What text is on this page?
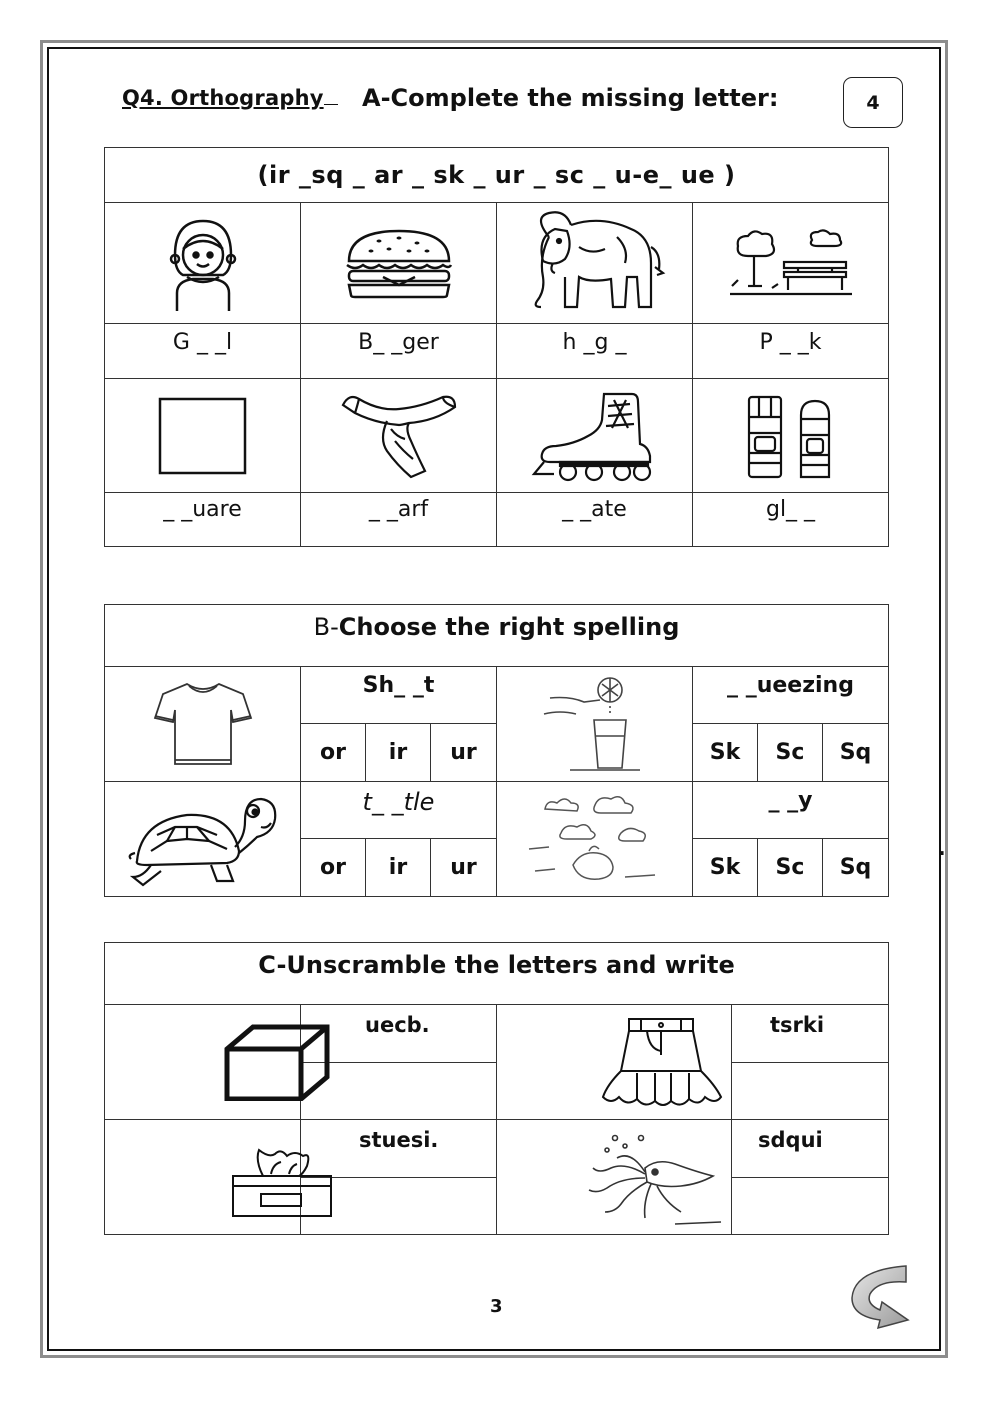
Q4. Orthography	A-Complete the missing letter:	4
(ir _sq _ ar _ sk _ ur _ sc _ u-e_ ue )			

G _ _l	B_ _ger	h _g _	P _ _k

_ _uare	_ _arf	_ _ate	gl_ _
B-Choose the right spelling							

	Sh_ _t				_ _ueezing		
	or	ir	ur		Sk	Sc	Sq

	t_ _tle				_ _y		
	or	ir	ur		Sk	Sc	Sq
C-Unscramble the letters and write			

	uecb.		tsrki

	stuesi.		sdqui

.
3
